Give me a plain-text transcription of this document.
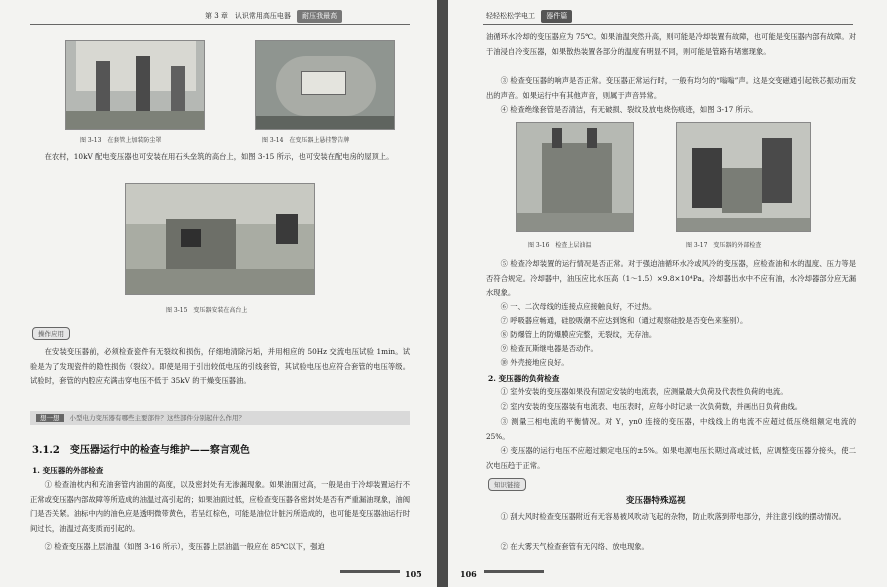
第 3 章　认识常用高压电器 耐压我最高
图 3-13　在套管上加装防尘罩	图 3-14　在变压器上悬挂警告牌
在农村，10kV 配电变压器也可安装在用石头垒筑的高台上，如图 3-15 所示，也可安装在配电房的屋顶上。
图 3-15　变压器安装在高台上
操作应用
在安装变压器前，必须检查瓷件有无裂纹和损伤，仔细地清除污垢，并用相应的 50Hz 交流电压试验 1min。试验是为了发现瓷件的隐性损伤（裂纹）。即使是用于引出较低电压的引线套管，其试验电压也应符合套管的电压等级。试验时，套管的内腔应充满击穿电压不低于 35kV 的干燥变压器油。
想一想 小型电力变压器有哪些主要部件？这些部件分别起什么作用？
3.1.2　变压器运行中的检查与维护——察言观色
1. 变压器的外部检查
① 检查油枕内和充油套管内油面的高度，以及密封处有无渗漏现象。如果油面过高，一般是由于冷却装置运行不正常或变压器内部故障等所造成的油温过高引起的；如果油面过低，应检查变压器各密封处是否有严重漏油现象，油阀门是否关紧。油标中内的油色应是透明微带黄色，若呈红棕色，可能是油位计脏污所造成的，也可能是变压器油运行时间过长，油温过高变质而引起的。
② 检查变压器上层油温（如图 3-16 所示），变压器上层油温一般应在 85℃以下，强迫
105
轻轻松松学电工 器件篇
油循环水冷却的变压器应为 75℃。如果油温突然升高，则可能是冷却装置有故障，也可能是变压器内部有故障。对于油浸自冷变压器，如果散热装置各部分的温度有明显不同，则可能是管路有堵塞现象。
③ 检查变压器的响声是否正常。变压器正常运行时，一般有均匀的“嗡嗡”声。这是交变磁通引起铁芯振动而发出的声音。如果运行中有其他声音，则属于声音异常。
④ 检查绝缘套管是否清洁，有无破损、裂纹及放电烧伤痕迹，如图 3-17 所示。
图 3-16　检查上层油温	图 3-17　变压器的外部检查
⑤ 检查冷却装置的运行情况是否正常。对于强迫油循环水冷或风冷的变压器，应检查油和水的温度、压力等是否符合规定。冷却器中，油压应比水压高（1～1.5）×9.8×10⁴Pa。冷却器出水中不应有油，水冷却器部分应无漏水现象。
⑥ 一、二次母线的连接点应接触良好，不过热。
⑦ 呼吸器应畅通，硅胶吸潮不应达到饱和（通过观察硅胶是否变色来鉴别）。
⑧ 防爆管上的防爆膜应完整，无裂纹，无存油。
⑨ 检查瓦斯继电器是否动作。
⑩ 外壳接地应良好。
2. 变压器的负荷检查
① 室外安装的变压器如果没有固定安装的电流表，应测量最大负荷及代表性负荷的电流。
② 室内安装的变压器装有电流表、电压表时，应每小时记录一次负荷数，并画出日负荷曲线。
③ 测量三相电流的平衡情况。对 Y，yn0 连接的变压器，中线线上的电流不应超过低压绕组额定电流的 25%。
④ 变压器的运行电压不应超过额定电压的±5%。如果电源电压长期过高或过低，应调整变压器分接头，使二次电压趋于正常。
知识链接
变压器特殊巡视
① 刮大风时检查变压器附近有无容易被风吹动飞起的杂物，防止吹落到带电部分，并注意引线的摆动情况。
② 在大雾天气检查套管有无闪络、放电现象。
106
